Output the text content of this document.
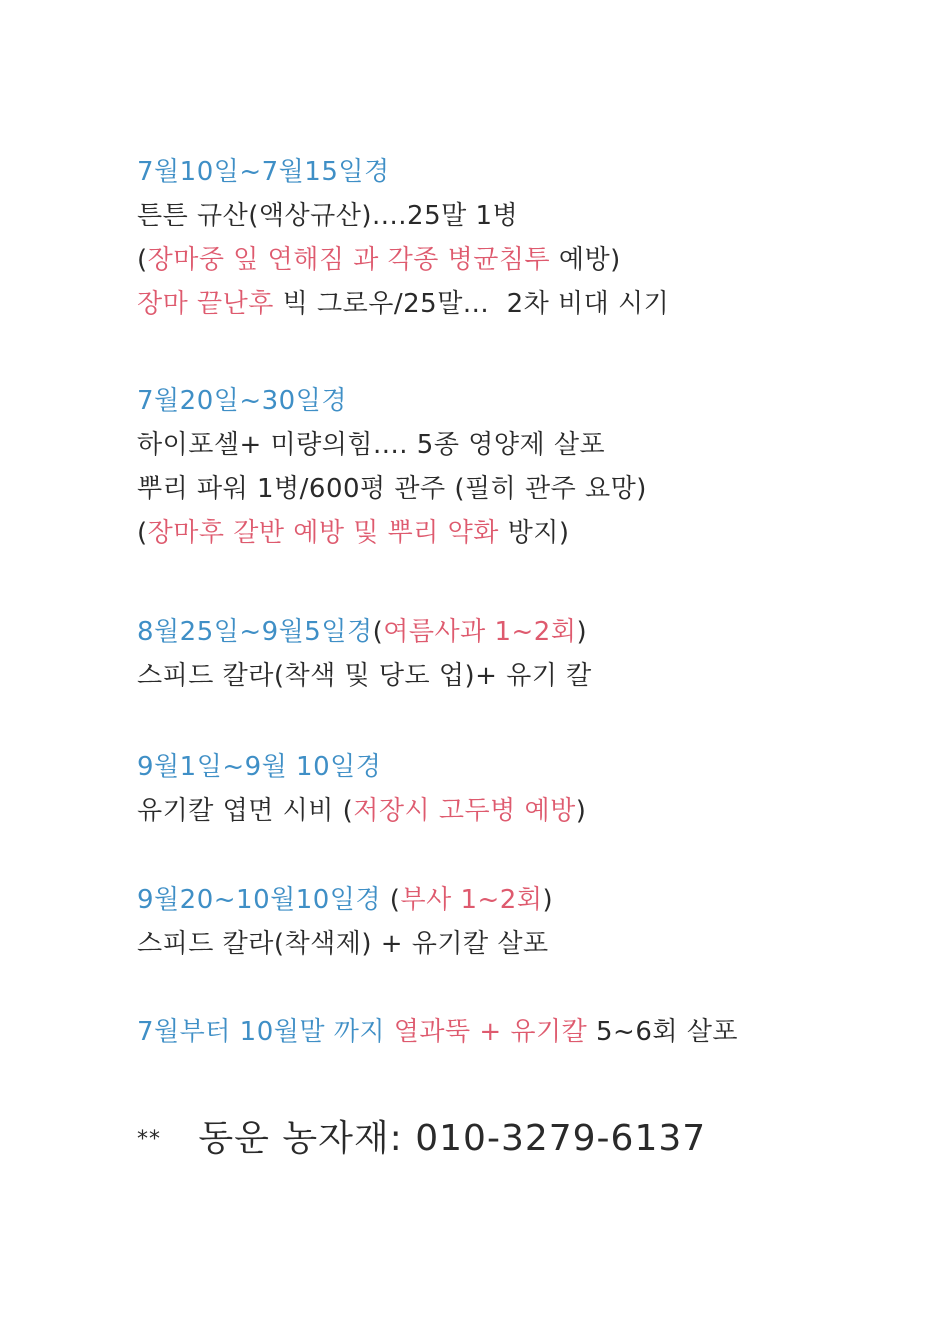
7월10일~7월15일경
튼튼 규산(액상규산)....25말 1병
(장마중 잎 연해짐 과 각종 병균침투 예방)
장마 끝난후 빅 그로우/25말...  2차 비대 시기
7월20일~30일경
하이포셀+ 미량의힘.... 5종 영양제 살포
뿌리 파워 1병/600평 관주 (필히 관주 요망)
(장마후 갈반 예방 및 뿌리 약화 방지)
8월25일~9월5일경(여름사과 1~2회)
스피드 칼라(착색 및 당도 업)+ 유기 칼
9월1일~9월 10일경
유기칼 엽면 시비 (저장시 고두병 예방)
9월20~10월10일경 (부사 1~2회)
스피드 칼라(착색제) + 유기칼 살포
7월부터 10월말 까지 열과뚝 + 유기칼 5~6회 살포
** 동운 농자재: 010-3279-6137
